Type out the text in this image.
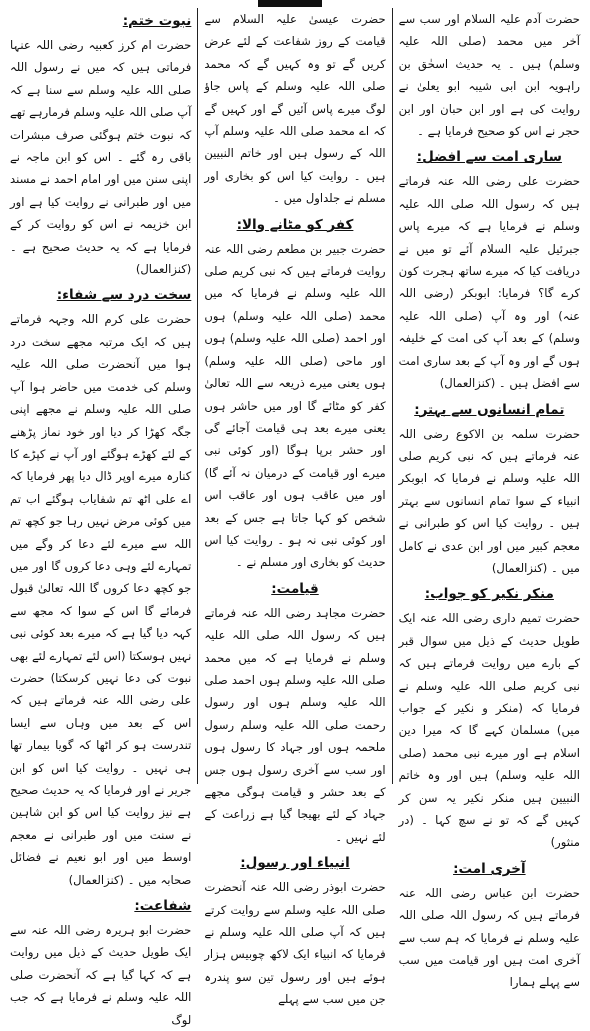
نبوت ختم:

حضرت ام کرز کعبیہ رضی اللہ عنہا فرماتی ہیں کہ میں نے رسول اللہ صلی اللہ علیہ وسلم سے سنا ہے کہ آپ صلی اللہ علیہ وسلم فرمارہے تھے کہ نبوت ختم ہوگئی صرف مبشرات باقی رہ گئے ۔ اس کو ابن ماجہ نے اپنی سنن میں اور امام احمد نے مسند میں اور طبرانی نے روایت کیا ہے اور ابن خزیمہ نے اس کو روایت کر کے فرمایا ہے کہ یہ حدیث صحیح ہے ۔ (کنزالعمال)

سخت درد سے شفاء:

حضرت علی کرم اللہ وجہہ فرماتے ہیں کہ ایک مرتبہ مجھے سخت درد ہوا میں آنحضرت صلی اللہ علیہ وسلم کی خدمت میں حاضر ہوا آپ صلی اللہ علیہ وسلم نے مجھے اپنی جگہ کھڑا کر دیا اور خود نماز پڑھنے کے لئے کھڑے ہوگئے اور آپ نے کپڑے کا کنارہ میرے اوپر ڈال دیا پھر فرمایا کہ اے علی اٹھ تم شفایاب ہوگئے اب تم میں کوئی مرض نہیں رہا جو کچھ تم اللہ سے میرے لئے دعا کر وگے میں تمہارے لئے وہی دعا کروں گا اور میں جو کچھ دعا کروں گا اللہ تعالیٰ قبول فرمائے گا اس کے سوا کہ مجھ سے کہہ دیا گیا ہے کہ میرے بعد کوئی نبی نہیں ہوسکتا (اس لئے تمہارے لئے بھی نبوت کی دعا نہیں کرسکتا) حضرت علی رضی اللہ عنہ فرماتے ہیں کہ اس کے بعد میں وہاں سے ایسا تندرست ہو کر اٹھا کہ گویا بیمار تھا ہی نہیں ۔ روایت کیا اس کو ابن جریر نے اور فرمایا کہ یہ حدیث صحیح ہے نیز روایت کیا اس کو ابن شاہین نے سنت میں اور طبرانی نے معجم اوسط میں اور ابو نعیم نے فضائل صحابہ میں ۔ (کنزالعمال)

شفاعت:

حضرت ابو ہریرہ رضی اللہ عنہ سے ایک طویل حدیث کے ذیل میں روایت ہے کہ کہا گیا ہے کہ آنحضرت صلی اللہ علیہ وسلم نے فرمایا ہے کہ جب لوگ

حضرت عیسیٰ علیہ السلام سے قیامت کے روز شفاعت کے لئے عرض کریں گے تو وہ کہیں گے کہ محمد صلی اللہ علیہ وسلم کے پاس جاؤ لوگ میرے پاس آئیں گے اور کہیں گے کہ اے محمد صلی اللہ علیہ وسلم آپ اللہ کے رسول ہیں اور خاتم النبیین ہیں ۔ روایت کیا اس کو بخاری اور مسلم نے جلداول میں ۔

کفر کو مٹانے والا:

حضرت جبیر بن مطعم رضی اللہ عنہ روایت فرماتے ہیں کہ نبی کریم صلی اللہ علیہ وسلم نے فرمایا کہ میں محمد (صلی اللہ علیہ وسلم) ہوں اور احمد (صلی اللہ علیہ وسلم) ہوں اور ماحی (صلی اللہ علیہ وسلم) ہوں یعنی میرے ذریعہ سے اللہ تعالیٰ کفر کو مٹائے گا اور میں حاشر ہوں یعنی میرے بعد ہی قیامت آجائے گی اور حشر برپا ہوگا (اور کوئی نبی میرے اور قیامت کے درمیان نہ آئے گا) اور میں عاقب ہوں اور عاقب اس شخص کو کہا جاتا ہے جس کے بعد اور کوئی نبی نہ ہو ۔ روایت کیا اس حدیث کو بخاری اور مسلم نے ۔

قیامت:

حضرت مجاہد رضی اللہ عنہ فرماتے ہیں کہ رسول اللہ صلی اللہ علیہ وسلم نے فرمایا ہے کہ میں محمد صلی اللہ علیہ وسلم ہوں احمد صلی اللہ علیہ وسلم ہوں اور رسول رحمت صلی اللہ علیہ وسلم رسول ملحمہ ہوں اور جہاد کا رسول ہوں اور سب سے آخری رسول ہوں جس کے بعد حشر و قیامت ہوگی مجھے جہاد کے لئے بھیجا گیا ہے زراعت کے لئے نہیں ۔

انبیاء اور رسول:

حضرت ابوذر رضی اللہ عنہ آنحضرت صلی اللہ علیہ وسلم سے روایت کرتے ہیں کہ آپ صلی اللہ علیہ وسلم نے فرمایا کہ انبیاء ایک لاکھ چوبیس ہزار ہوئے ہیں اور رسول تین سو پندرہ جن میں سب سے پہلے

حضرت آدم علیہ السلام اور سب سے آخر میں محمد (صلی اللہ علیہ وسلم) ہیں ۔ یہ حدیث اسحٰق بن راہویہ ابن ابی شیبہ ابو یعلیٰ نے روایت کی ہے اور ابن حبان اور ابن حجر نے اس کو صحیح فرمایا ہے ۔

ساری امت سے افضل:

حضرت علی رضی اللہ عنہ فرماتے ہیں کہ رسول اللہ صلی اللہ علیہ وسلم نے فرمایا ہے کہ میرے پاس جبرئیل علیہ السلام آئے تو میں نے دریافت کیا کہ میرے ساتھ ہجرت کون کرے گا؟ فرمایا: ابوبکر (رضی اللہ عنہ) اور وہ آپ (صلی اللہ علیہ وسلم) کے بعد آپ کی امت کے خلیفہ ہوں گے اور وہ آپ کے بعد ساری امت سے افضل ہیں ۔ (کنزالعمال)

تمام انسانوں سے بہتر:

حضرت سلمہ بن الاکوع رضی اللہ عنہ فرماتے ہیں کہ نبی کریم صلی اللہ علیہ وسلم نے فرمایا کہ ابوبکر انبیاء کے سوا تمام انسانوں سے بہتر ہیں ۔ روایت کیا اس کو طبرانی نے معجم کبیر میں اور ابن عدی نے کامل میں ۔ (کنزالعمال)

منکر نکیر کو جواب:

حضرت تمیم داری رضی اللہ عنہ ایک طویل حدیث کے ذیل میں سوال قبر کے بارے میں روایت فرماتے ہیں کہ نبی کریم صلی اللہ علیہ وسلم نے فرمایا کہ (منکر و نکیر کے جواب میں) مسلمان کہے گا کہ میرا دین اسلام ہے اور میرے نبی محمد (صلی اللہ علیہ وسلم) ہیں اور وہ خاتم النبیین ہیں منکر نکیر یہ سن کر کہیں گے کہ تو نے سچ کہا ۔ (در منثور)

آخری امت:

حضرت ابن عباس رضی اللہ عنہ فرماتے ہیں کہ رسول اللہ صلی اللہ علیہ وسلم نے فرمایا کہ ہم سب سے آخری امت ہیں اور قیامت میں سب سے پہلے ہمارا
